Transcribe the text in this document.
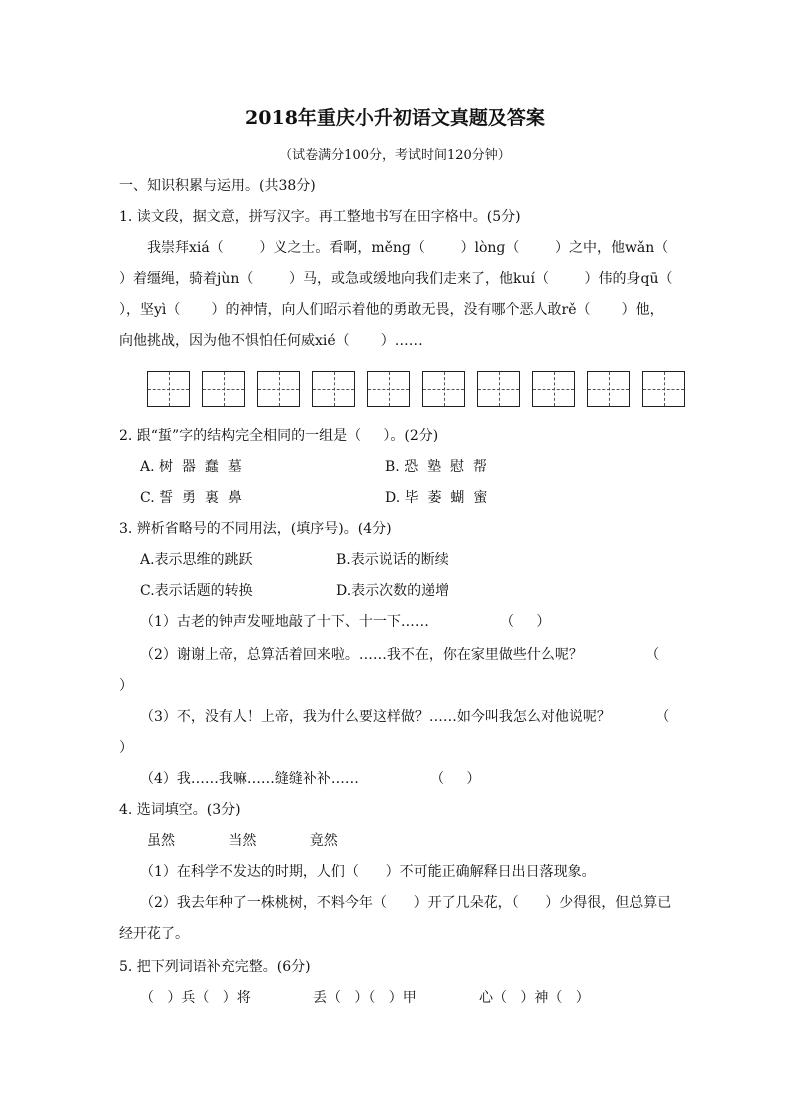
2018年重庆小升初语文真题及答案
（试卷满分100分，考试时间120分钟）
一、知识积累与运用。(共38分)
1. 读文段，据文意，拼写汉字。再工整地书写在田字格中。(5分)
我崇拜xiá（        ）义之士。看啊，měnɡ（        ）lònɡ（        ）之中，他wǎn（
）着缰绳，骑着jùn（        ）马，或急或缓地向我们走来了，他kuí（        ）伟的身qū（
），坚yì（       ）的神情，向人们昭示着他的勇敢无畏，没有哪个恶人敢rě（       ）他，
向他挑战，因为他不惧怕任何威xié（       ）……
2. 跟“蜇”字的结构完全相同的一组是（     ）。(2分)
A. 树  器  蠢  墓	B. 恐  塾  慰  帮
C. 誓  勇  裏  鼻	D. 毕  萎  蝴  蜜
3. 辨析省略号的不同用法，(填序号)。(4分)
A.表示思维的跳跃	B.表示说话的断续
C.表示话题的转换	D.表示次数的递增
（1）古老的钟声发哑地敲了十下、十一下……                （     ）
（2）谢谢上帝，总算活着回来啦。……我不在，你在家里做些什么呢？              （
）
（3）不，没有人！上帝，我为什么要这样做？……如今叫我怎么对他说呢？          （
）
（4）我……我嘛……缝缝补补……                （     ）
4. 选词填空。(3分)
虽然            当然            竟然
（1）在科学不发达的时期，人们（      ）不可能正确解释日出日落现象。
（2）我去年种了一株桃树，不料今年（      ）开了几朵花，（      ）少得很，但总算已
经开花了。
5. 把下列词语补充完整。(6分)
（   ）兵（   ）将              丢（   ）（   ）甲              心（   ）神（   ）
